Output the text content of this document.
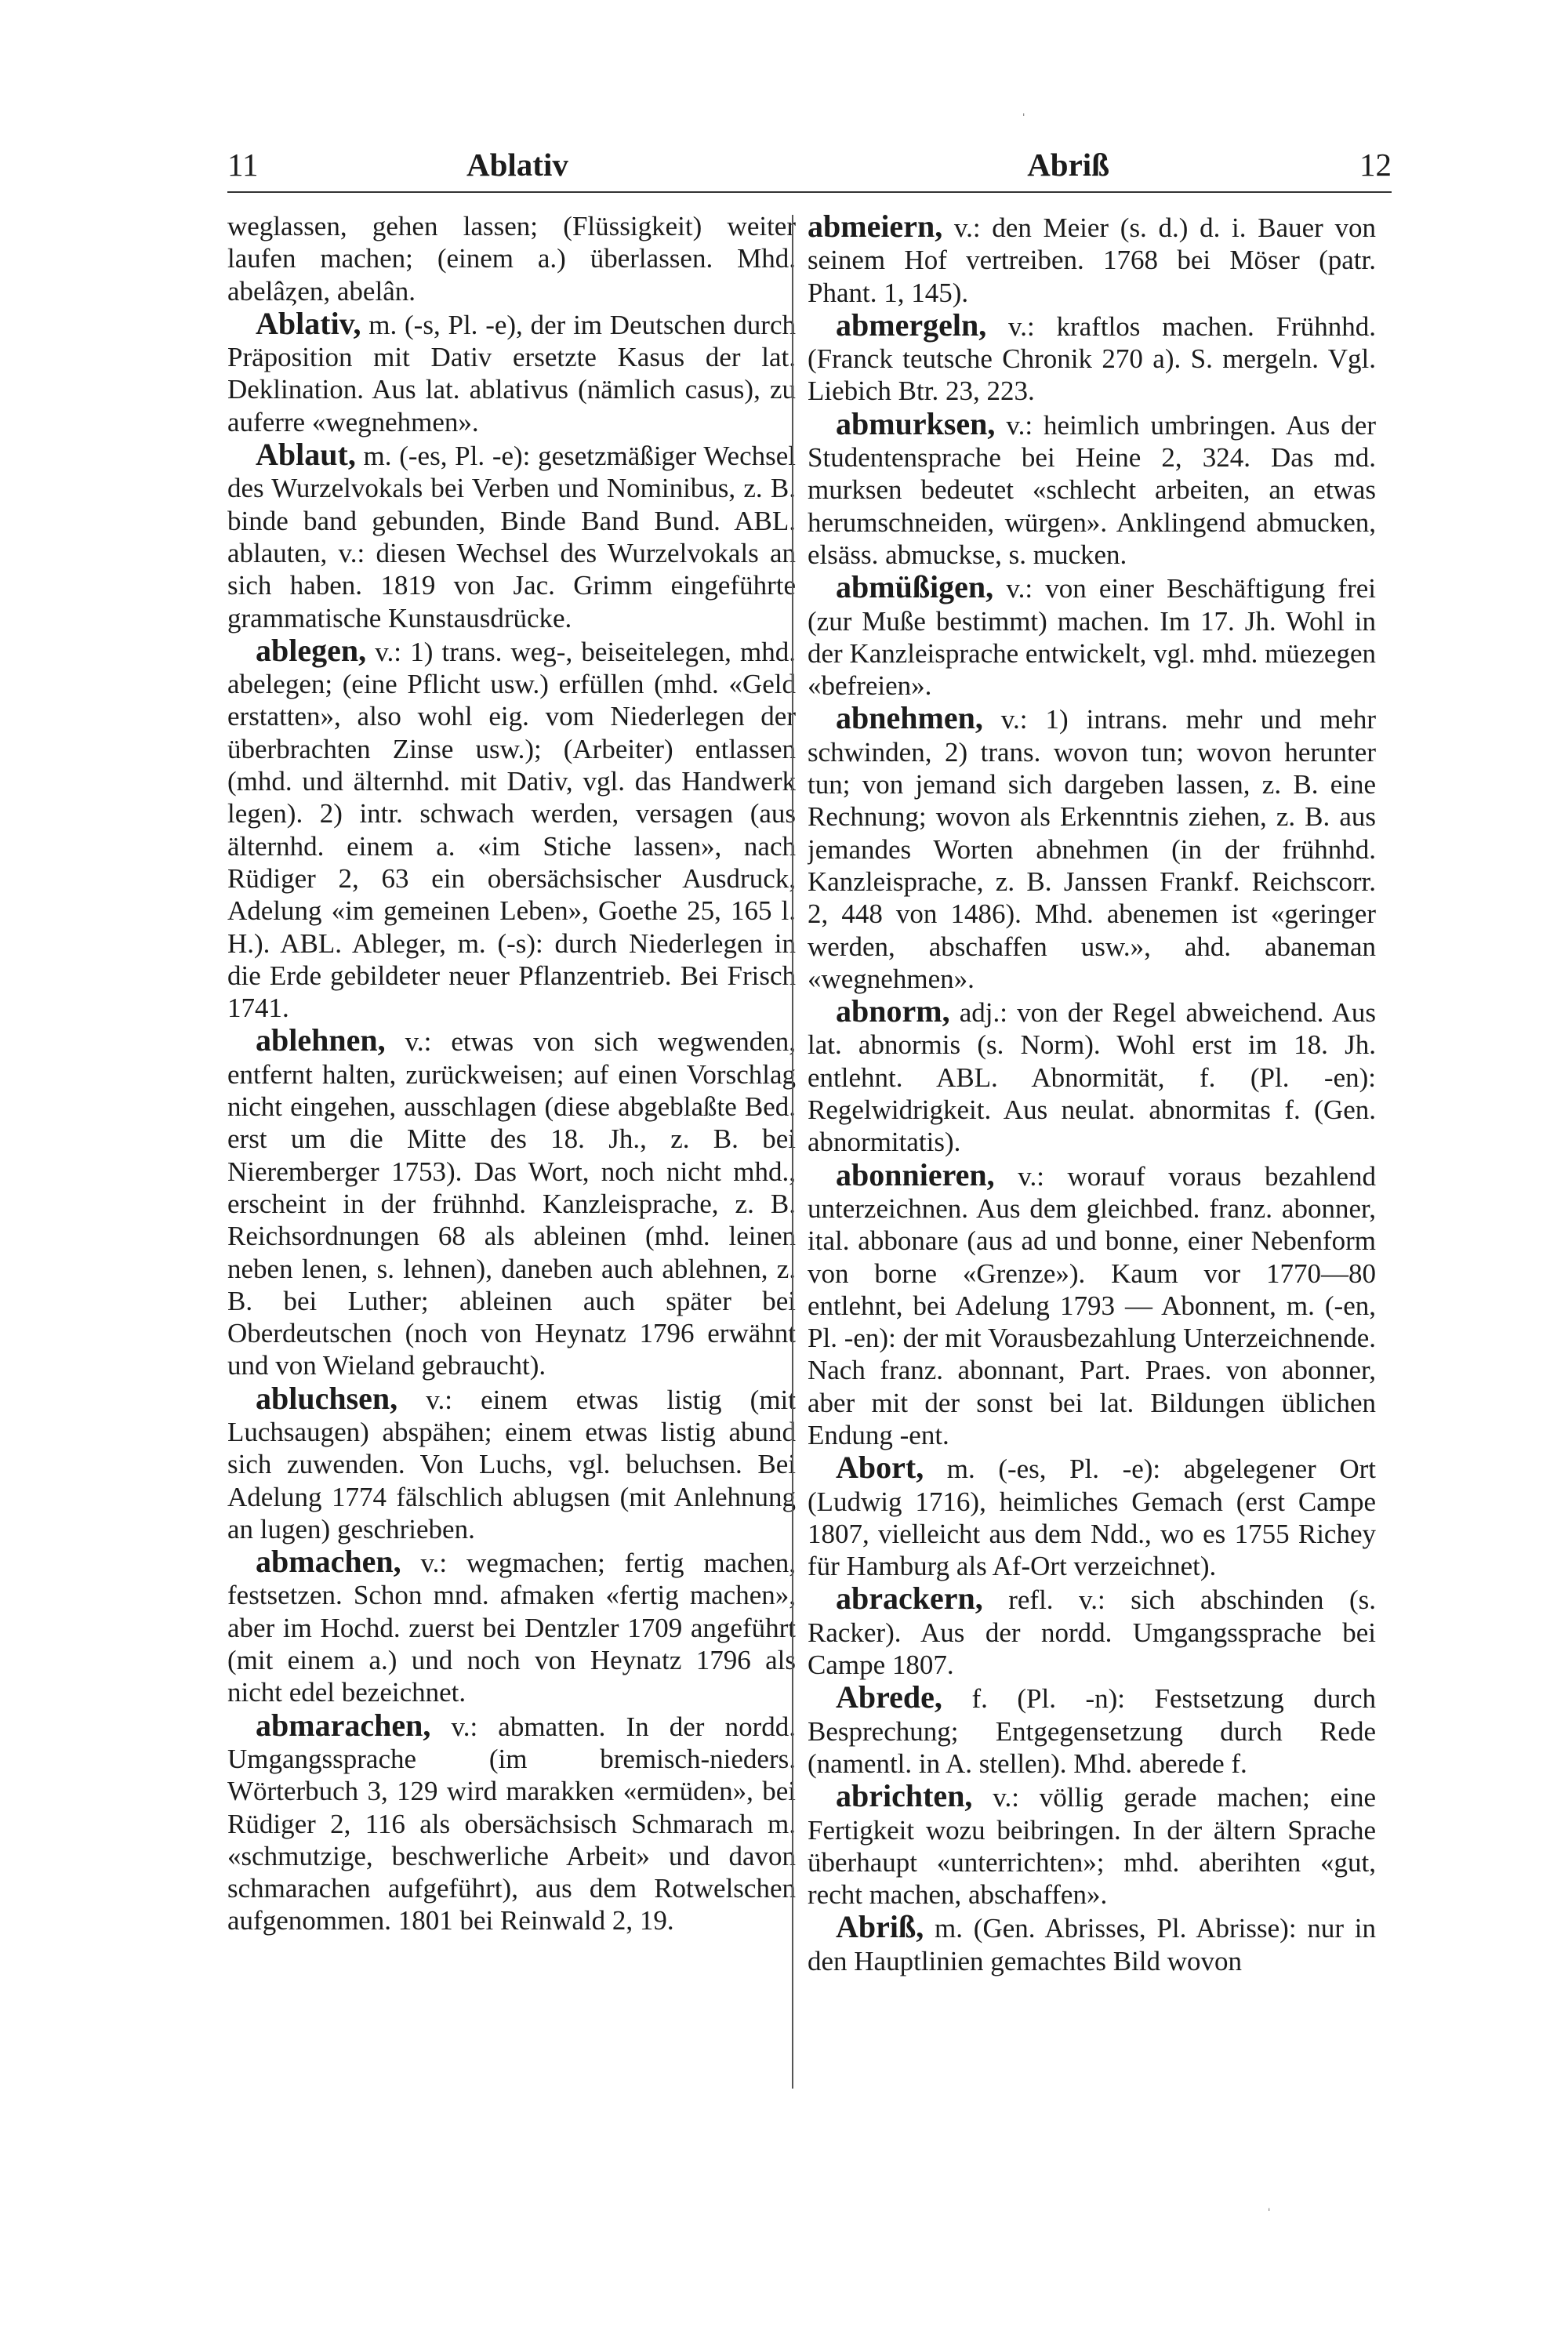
11	Ablativ	Abriß	12
ˈ

weglassen, gehen lassen; (Flüssigkeit) weiter laufen machen; (einem a.) überlassen. Mhd. abelâȥen, abelân.

Ablativ, m. (-s, Pl. -e), der im Deutschen durch Präposition mit Dativ ersetzte Kasus der lat. Deklination. Aus lat. ablativus (nämlich casus), zu auferre «wegnehmen».

Ablaut, m. (-es, Pl. -e): gesetzmäßiger Wechsel des Wurzelvokals bei Verben und Nominibus, z. B. binde band gebunden, Binde Band Bund. ABL. ablauten, v.: diesen Wechsel des Wurzelvokals an sich haben. 1819 von Jac. Grimm eingeführte grammatische Kunstausdrücke.

ablegen, v.: 1) trans. weg-, beiseitelegen, mhd. abelegen; (eine Pflicht usw.) erfüllen (mhd. «Geld erstatten», also wohl eig. vom Niederlegen der überbrachten Zinse usw.); (Arbeiter) entlassen (mhd. und älternhd. mit Dativ, vgl. das Handwerk legen). 2) intr. schwach werden, versagen (aus älternhd. einem a. «im Stiche lassen», nach Rüdiger 2, 63 ein obersächsischer Ausdruck, Adelung «im gemeinen Leben», Goethe 25, 165 l. H.). ABL. Ableger, m. (-s): durch Niederlegen in die Erde gebildeter neuer Pflanzentrieb. Bei Frisch 1741.

ablehnen, v.: etwas von sich wegwenden, entfernt halten, zurückweisen; auf einen Vorschlag nicht eingehen, ausschlagen (diese abgeblaßte Bed. erst um die Mitte des 18. Jh., z. B. bei Nieremberger 1753). Das Wort, noch nicht mhd., erscheint in der frühnhd. Kanzleisprache, z. B. Reichsordnungen 68 als ableinen (mhd. leinen neben lenen, s. lehnen), daneben auch ablehnen, z. B. bei Luther; ableinen auch später bei Oberdeutschen (noch von Heynatz 1796 erwähnt und von Wieland gebraucht).

abluchsen, v.: einem etwas listig (mit Luchsaugen) abspähen; einem etwas listig abund sich zuwenden. Von Luchs, vgl. beluchsen. Bei Adelung 1774 fälschlich ablugsen (mit Anlehnung an lugen) geschrieben.

abmachen, v.: wegmachen; fertig machen, festsetzen. Schon mnd. afmaken «fertig machen», aber im Hochd. zuerst bei Dentzler 1709 angeführt (mit einem a.) und noch von Heynatz 1796 als nicht edel bezeichnet.

abmarachen, v.: abmatten. In der nordd. Umgangssprache (im bremisch-nieders. Wörterbuch 3, 129 wird marakken «ermüden», bei Rüdiger 2, 116 als obersächsisch Schmarach m. «schmutzige, beschwerliche Arbeit» und davon schmarachen aufgeführt), aus dem Rotwelschen aufgenommen. 1801 bei Reinwald 2, 19.

abmeiern, v.: den Meier (s. d.) d. i. Bauer von seinem Hof vertreiben. 1768 bei Möser (patr. Phant. 1, 145).

abmergeln, v.: kraftlos machen. Frühnhd. (Franck teutsche Chronik 270 a). S. mergeln. Vgl. Liebich Btr. 23, 223.

abmurksen, v.: heimlich umbringen. Aus der Studentensprache bei Heine 2, 324. Das md. murksen bedeutet «schlecht arbeiten, an etwas herumschneiden, würgen». Anklingend abmucken, elsäss. abmuckse, s. mucken.

abmüßigen, v.: von einer Beschäftigung frei (zur Muße bestimmt) machen. Im 17. Jh. Wohl in der Kanzleisprache entwickelt, vgl. mhd. müezegen «befreien».

abnehmen, v.: 1) intrans. mehr und mehr schwinden, 2) trans. wovon tun; wovon herunter tun; von jemand sich dargeben lassen, z. B. eine Rechnung; wovon als Erkenntnis ziehen, z. B. aus jemandes Worten abnehmen (in der frühnhd. Kanzleisprache, z. B. Janssen Frankf. Reichscorr. 2, 448 von 1486). Mhd. abenemen ist «geringer werden, abschaffen usw.», ahd. abaneman «wegnehmen».

abnorm, adj.: von der Regel abweichend. Aus lat. abnormis (s. Norm). Wohl erst im 18. Jh. entlehnt. ABL. Abnormität, f. (Pl. -en): Regelwidrigkeit. Aus neulat. abnormitas f. (Gen. abnormitatis).

abonnieren, v.: worauf voraus bezahlend unterzeichnen. Aus dem gleichbed. franz. abonner, ital. abbonare (aus ad und bonne, einer Nebenform von borne «Grenze»). Kaum vor 1770—80 entlehnt, bei Adelung 1793 — Abonnent, m. (-en, Pl. -en): der mit Vorausbezahlung Unterzeichnende. Nach franz. abonnant, Part. Praes. von abonner, aber mit der sonst bei lat. Bildungen üblichen Endung -ent.

Abort, m. (-es, Pl. -e): abgelegener Ort (Ludwig 1716), heimliches Gemach (erst Campe 1807, vielleicht aus dem Ndd., wo es 1755 Richey für Hamburg als Af-Ort verzeichnet).

abrackern, refl. v.: sich abschinden (s. Racker). Aus der nordd. Umgangssprache bei Campe 1807.

Abrede, f. (Pl. -n): Festsetzung durch Besprechung; Entgegensetzung durch Rede (namentl. in A. stellen). Mhd. aberede f.

abrichten, v.: völlig gerade machen; eine Fertigkeit wozu beibringen. In der ältern Sprache überhaupt «unterrichten»; mhd. aberihten «gut, recht machen, abschaffen».

Abriß, m. (Gen. Abrisses, Pl. Abrisse): nur in den Hauptlinien gemachtes Bild wovon

ˌ
